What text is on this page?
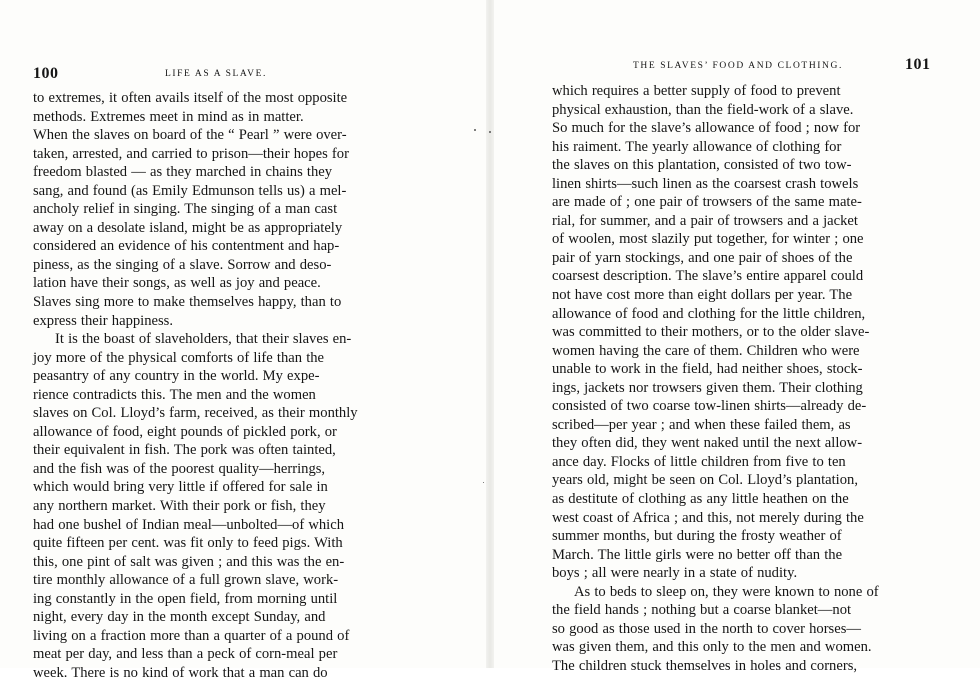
100	LIFE AS A SLAVE.
THE SLAVES’ FOOD AND CLOTHING.	101
to extremes, it often avails itself of the most opposite
methods. Extremes meet in mind as in matter.
When the slaves on board of the “ Pearl ” were over-
taken, arrested, and carried to prison—their hopes for
freedom blasted — as they marched in chains they
sang, and found (as Emily Edmunson tells us) a mel-
ancholy relief in singing. The singing of a man cast
away on a desolate island, might be as appropriately
considered an evidence of his contentment and hap-
piness, as the singing of a slave. Sorrow and deso-
lation have their songs, as well as joy and peace.
Slaves sing more to make themselves happy, than to
express their happiness.
It is the boast of slaveholders, that their slaves en-
joy more of the physical comforts of life than the
peasantry of any country in the world. My expe-
rience contradicts this. The men and the women
slaves on Col. Lloyd’s farm, received, as their monthly
allowance of food, eight pounds of pickled pork, or
their equivalent in fish. The pork was often tainted,
and the fish was of the poorest quality—herrings,
which would bring very little if offered for sale in
any northern market. With their pork or fish, they
had one bushel of Indian meal—unbolted—of which
quite fifteen per cent. was fit only to feed pigs. With
this, one pint of salt was given ; and this was the en-
tire monthly allowance of a full grown slave, work-
ing constantly in the open field, from morning until
night, every day in the month except Sunday, and
living on a fraction more than a quarter of a pound of
meat per day, and less than a peck of corn-meal per
week. There is no kind of work that a man can do
which requires a better supply of food to prevent
physical exhaustion, than the field-work of a slave.
So much for the slave’s allowance of food ; now for
his raiment. The yearly allowance of clothing for
the slaves on this plantation, consisted of two tow-
linen shirts—such linen as the coarsest crash towels
are made of ; one pair of trowsers of the same mate-
rial, for summer, and a pair of trowsers and a jacket
of woolen, most slazily put together, for winter ; one
pair of yarn stockings, and one pair of shoes of the
coarsest description. The slave’s entire apparel could
not have cost more than eight dollars per year. The
allowance of food and clothing for the little children,
was committed to their mothers, or to the older slave-
women having the care of them. Children who were
unable to work in the field, had neither shoes, stock-
ings, jackets nor trowsers given them. Their clothing
consisted of two coarse tow-linen shirts—already de-
scribed—per year ; and when these failed them, as
they often did, they went naked until the next allow-
ance day. Flocks of little children from five to ten
years old, might be seen on Col. Lloyd’s plantation,
as destitute of clothing as any little heathen on the
west coast of Africa ; and this, not merely during the
summer months, but during the frosty weather of
March. The little girls were no better off than the
boys ; all were nearly in a state of nudity.
As to beds to sleep on, they were known to none of
the field hands ; nothing but a coarse blanket—not
so good as those used in the north to cover horses—
was given them, and this only to the men and women.
The children stuck themselves in holes and corners,
